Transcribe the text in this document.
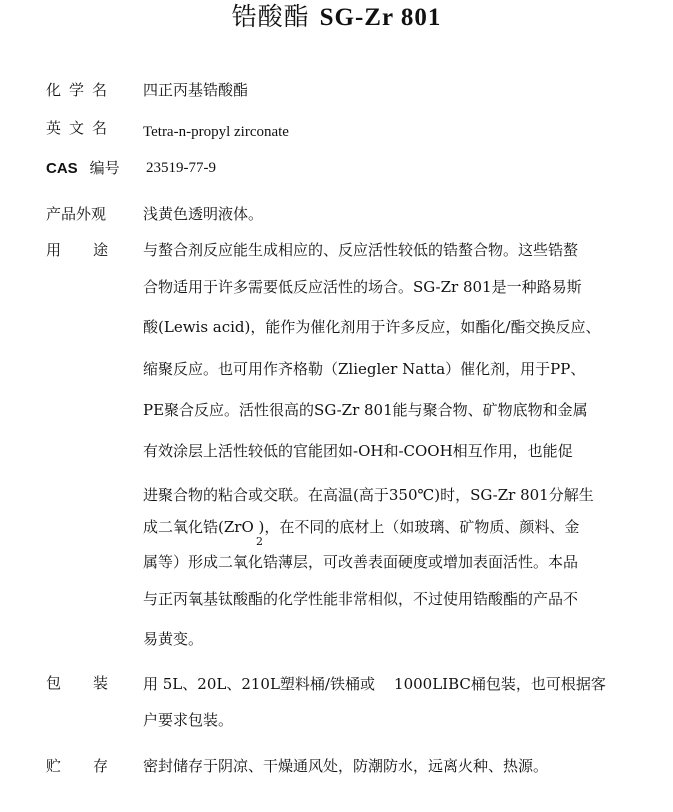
锆酸酯 SG-Zr 801
化学名 四正丙基锆酸酯
英文名 Tetra-n-propyl zirconate
CAS 编号 23519-77-9
产品外观 浅黄色透明液体。
用 途 与螯合剂反应能生成相应的、反应活性较低的锆螯合物。这些锆螯
合物适用于许多需要低反应活性的场合。SG-Zr 801是一种路易斯
酸(Lewis acid)，能作为催化剂用于许多反应，如酯化/酯交换反应、
缩聚反应。也可用作齐格勒（Zliegler Natta）催化剂，用于PP、
PE聚合反应。活性很高的SG-Zr 801能与聚合物、矿物底物和金属
有效涂层上活性较低的官能团如-OH和-COOH相互作用，也能促
进聚合物的粘合或交联。在高温(高于350℃)时，SG-Zr 801分解生
成二氧化锆(ZrO )，在不同的底材上（如玻璃、矿物质、颜料、金
2
属等）形成二氧化锆薄层，可改善表面硬度或增加表面活性。本品
与正丙氧基钛酸酯的化学性能非常相似，不过使用锆酸酯的产品不
易黄变。
包 装 用 5L、20L、210L塑料桶/铁桶或    1000LIBC桶包装，也可根据客
户要求包装。
贮 存 密封储存于阴凉、干燥通风处，防潮防水，远离火种、热源。
